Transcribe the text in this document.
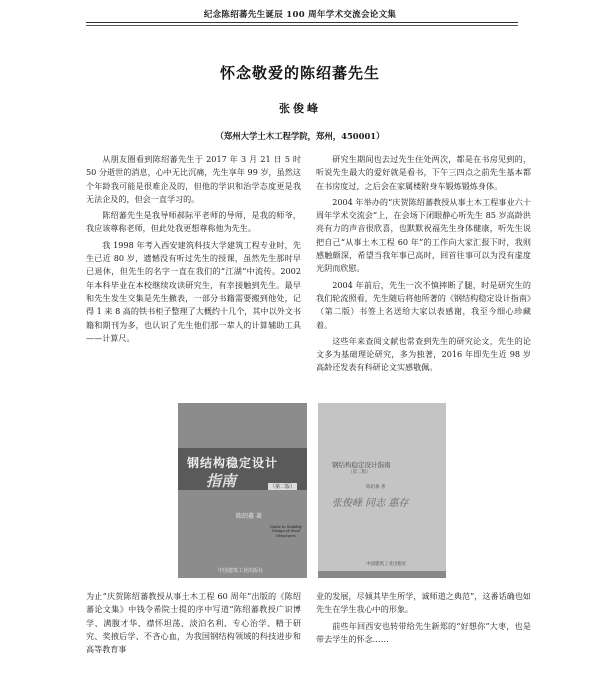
纪念陈绍蕃先生诞辰 100 周年学术交流会论文集
怀念敬爱的陈绍蕃先生
张俊峰
（郑州大学土木工程学院，郑州，450001）

从朋友圈看到陈绍蕃先生于 2017 年 3 月 21 日 5 时 50 分逝世的消息，心中无比沉痛，先生享年 99 岁，虽然这个年龄我可能是很难企及的，但他的学识和治学态度更是我无法企及的，但会一直学习的。

陈绍蕃先生是我导师郝际平老师的导师，是我的师爷，我应该尊称老师，但此处我更想尊称他为先生。

我 1998 年考入西安建筑科技大学建筑工程专业时，先生已近 80 岁，遗憾没有听过先生的授课，虽然先生那时早已退休，但先生的名字一直在我们的“江湖”中流传。2002 年本科毕业在本校继续攻读研究生，有幸接触到先生。最早和先生发生交集是先生撤表，一部分书籍需要搬到他处，记得 1 来 8 高的铁书柜子整理了大概约十几个，其中以外文书籍和期刊为多，也认识了先生他们那一辈人的计算辅助工具——计算尺。

研究生期间也去过先生住处两次，都是在书房见到的，听说先生最大的爱好就是看书，下午三四点之前先生基本都在书房度过，之后会在家属楼附身车锻炼锻炼身体。

2004 年举办的“庆贺陈绍蕃教授从事土木工程事业六十周年学术交流会”上，在会场下闭眼静心听先生 85 岁高龄洪亮有力的声音很欣喜，也默默祝福先生身体健康，听先生说把自己“从事土木工程 60 年”的工作向大家汇报下时，我则感触颇深，希望当我年事已高时，回首往事可以为没有虚度光阴而欣慰。

2004 年前后，先生一次不慎摔断了腿，时是研究生的我们轮流照看，先生随后将他所著的《钢结构稳定设计指南》（第二版）书签上名送给大家以表感谢，我至今细心珍藏着。

这些年来查阅文献也常查到先生的研究论文，先生的论文多为基础理论研究，多为独著，2016 年即先生近 98 岁高龄还发表有科研论文实感敬佩。

钢结构稳定设计
指南	（第二版）
陈绍蕃 著
Guide to Stability Design of Steel Structures
中国建筑工业出版社
钢结构稳定设计指南
（第二版）
陈绍蕃 著
张俊峰 同志 惠存
中国建筑工业出版社

为止“庆贺陈绍蕃教授从事土木工程 60 周年”出版的《陈绍蕃论文集》中钱令希院士提的序中写道“陈绍蕃教授广识博学、满腹才华、襟怀坦荡、淡泊名利、专心治学、精于研究、奖掖后学、不吝心血，为我国钢结构领域的科技进步和高等教育事

业的发展，尽倾其毕生所学，诚师道之典范”，这番话确也如先生在学生我心中的形象。

前些年回西安也转带给先生新郑的“好想你”大枣，也是带去学生的怀念……
